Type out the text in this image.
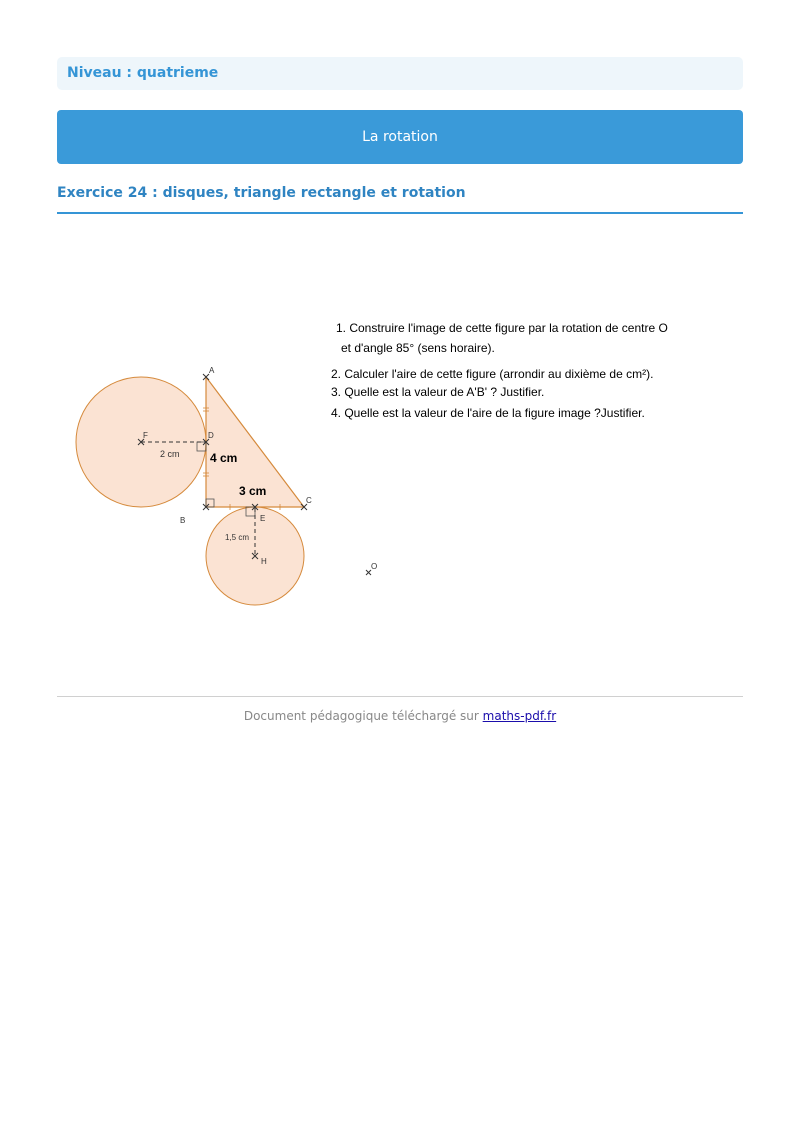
Niveau : quatrieme
La rotation
Exercice 24 : disques, triangle rectangle et rotation
A
B
C
D
E
F
H
O
2 cm	4 cm
3 cm
1,5 cm
1. Construire l'image de cette figure par la rotation de centre O
et d'angle 85° (sens horaire).
2. Calculer l'aire de cette figure (arrondir au dixième de cm²).
3. Quelle est la valeur de A'B' ? Justifier.
4. Quelle est la valeur de l'aire de la figure image ?Justifier.
Document pédagogique téléchargé sur maths-pdf.fr
